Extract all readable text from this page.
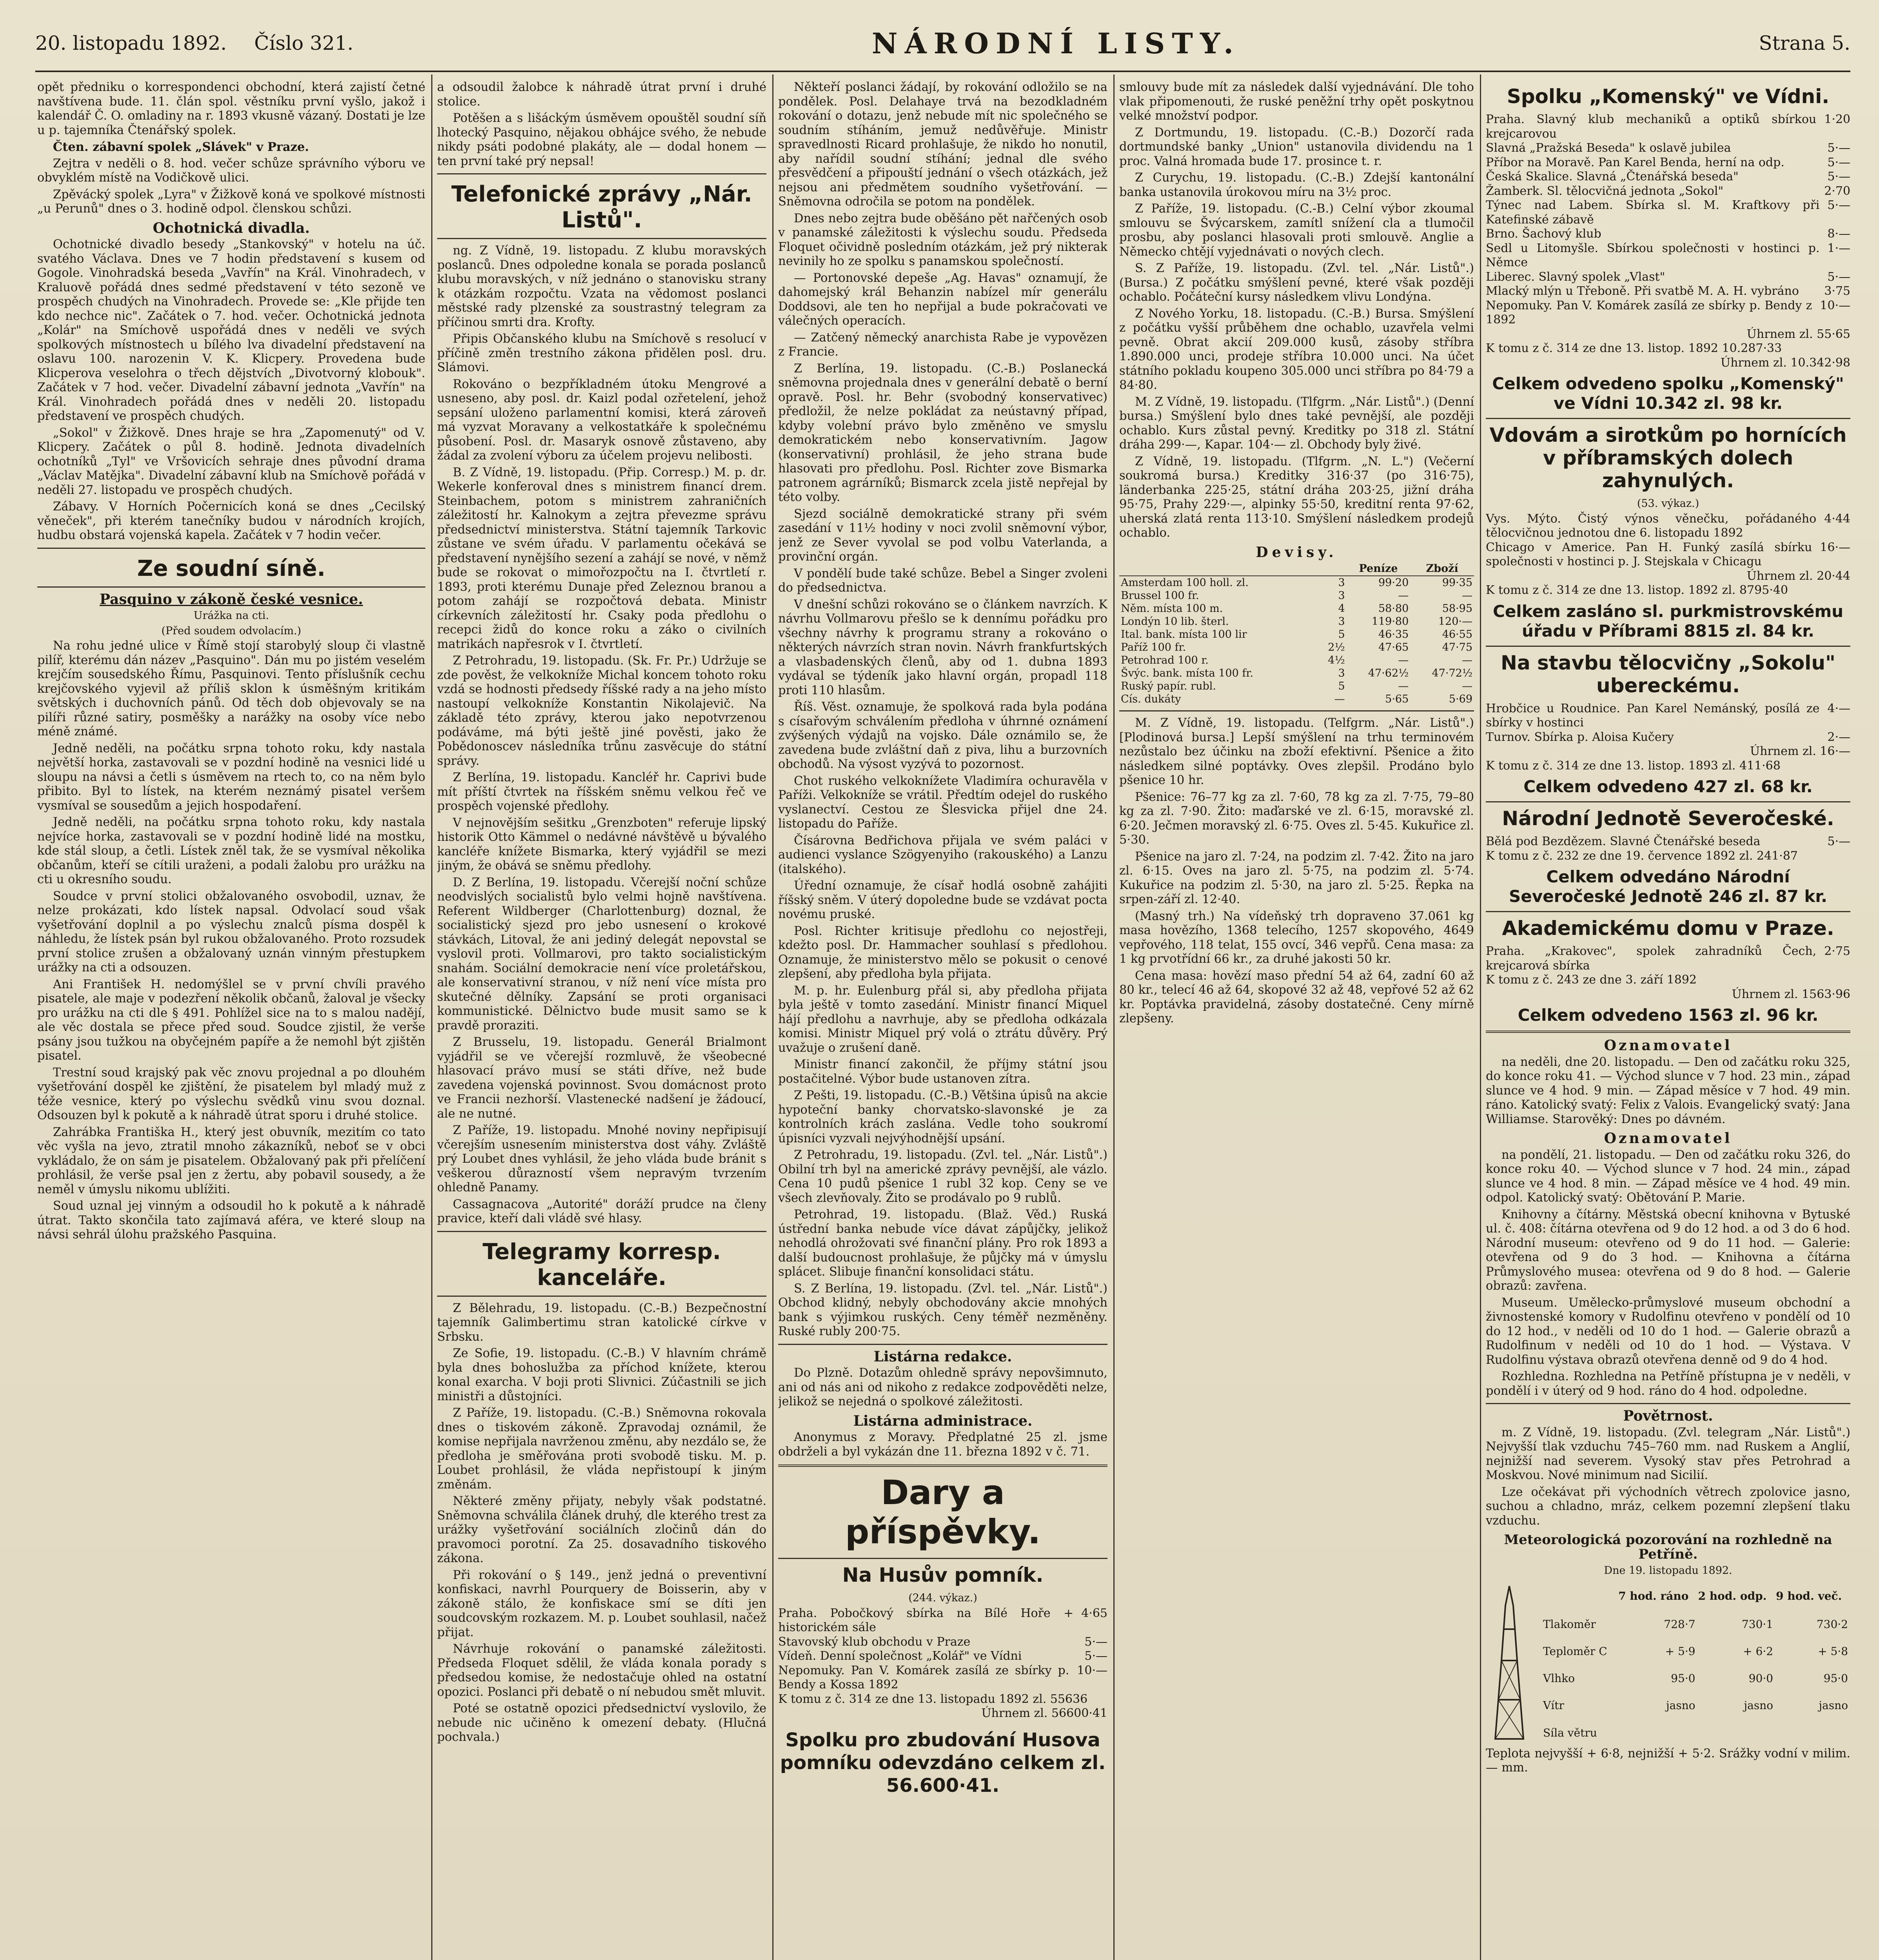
20. listopadu 1892. Číslo 321.	NÁRODNÍ LISTY.	Strana 5.

opět předniku o korrespondenci obchodní, která zajistí četné navštívena bude. 11. člán spol. věstníku první vyšlo, jakož i kalendář Č. O. omladiny na r. 1893 vkusně vázaný. Dostati je lze u p. tajemníka Čtenářský spolek.

Čten. zábavní spolek „Slávek" v Praze.

Zejtra v neděli o 8. hod. večer schůze správního výboru ve obvyklém místě na Vodičkově ulici.

Zpěvácký spolek „Lyra" v Žižkově koná ve spolkové místnosti „u Perunů" dnes o 3. hodině odpol. členskou schůzi.

Ochotnická divadla.

Ochotnické divadlo besedy „Stankovský" v hotelu na úč. svatého Václava. Dnes ve 7 hodin představení s kusem od Gogole. Vinohradská beseda „Vavřín" na Král. Vinohradech, v Kraluově pořádá dnes sedmé představení v této sezoně ve prospěch chudých na Vinohradech. Provede se: „Kle přijde ten kdo nechce nic". Začátek o 7. hod. večer. Ochotnická jednota „Kolár" na Smíchově uspořádá dnes v neděli ve svých spolkových místnostech u bílého lva divadelní představení na oslavu 100. narozenin V. K. Klicpery. Provedena bude Klicperova veselohra o třech dějstvích „Divotvorný klobouk". Začátek v 7 hod. večer. Divadelní zábavní jednota „Vavřín" na Král. Vinohradech pořádá dnes v neděli 20. listopadu představení ve prospěch chudých.

„Sokol" v Žižkově. Dnes hraje se hra „Zapomenutý" od V. Klicpery. Začátek o půl 8. hodině. Jednota divadelních ochotníků „Tyl" ve Vršovicích sehraje dnes původní drama „Václav Matějka". Divadelní zábavní klub na Smíchově pořádá v neděli 27. listopadu ve prospěch chudých.

Zábavy. V Horních Počernicích koná se dnes „Cecilský věneček", při kterém tanečníky budou v národních krojích, hudbu obstará vojenská kapela. Začátek v 7 hodin večer.

Ze soudní síně.
Pasquino v zákoně české vesnice.
Urážka na cti.
(Před soudem odvolacím.)

Na rohu jedné ulice v Římě stojí starobylý sloup či vlastně pilíř, kterému dán název „Pasquino". Dán mu po jistém veselém krejčím sousedského Římu, Pasquinovi. Tento příslušník cechu krejčovského vyjevil až příliš sklon k úsměšným kritikám světských i duchovních pánů. Od těch dob objevovaly se na pilíři různé satiry, posměšky a narážky na osoby více nebo méně známé.

Jedně neděli, na počátku srpna tohoto roku, kdy nastala největší horka, zastavovali se v pozdní hodině na vesnici lidé u sloupu na návsi a četli s úsměvem na rtech to, co na něm bylo přibito. Byl to lístek, na kterém neznámý pisatel veršem vysmíval se sousedům a jejich hospodaření.

Jedně neděli, na počátku srpna tohoto roku, kdy nastala nejvíce horka, zastavovali se v pozdní hodině lidé na mostku, kde stál sloup, a četli. Lístek zněl tak, že se vysmíval několika občanům, kteří se cítili uraženi, a podali žalobu pro urážku na cti u okresního soudu.

Soudce v první stolici obžalovaného osvobodil, uznav, že nelze prokázati, kdo lístek napsal. Odvolací soud však vyšetřování doplnil a po výslechu znalců písma dospěl k náhledu, že lístek psán byl rukou obžalovaného. Proto rozsudek první stolice zrušen a obžalovaný uznán vinným přestupkem urážky na cti a odsouzen.

Ani František H. nedomýšlel se v první chvíli pravého pisatele, ale maje v podezření několik občanů, žaloval je všecky pro urážku na cti dle § 491. Pohlížel sice na to s malou nadějí, ale věc dostala se přece před soud. Soudce zjistil, že verše psány jsou tužkou na obyčejném papíře a že nemohl být zjištěn pisatel.

Trestní soud krajský pak věc znovu projednal a po dlouhém vyšetřování dospěl ke zjištění, že pisatelem byl mladý muž z téže vesnice, který po výslechu svědků vinu svou doznal. Odsouzen byl k pokutě a k náhradě útrat sporu i druhé stolice.

Zahrábka Františka H., který jest obuvník, mezitím co tato věc vyšla na jevo, ztratil mnoho zákazníků, neboť se v obci vykládalo, že on sám je pisatelem. Obžalovaný pak při přelíčení prohlásil, že verše psal jen z žertu, aby pobavil sousedy, a že neměl v úmyslu nikomu ublížiti.

Soud uznal jej vinným a odsoudil ho k pokutě a k náhradě útrat. Takto skončila tato zajímavá aféra, ve které sloup na návsi sehrál úlohu pražského Pasquina.

a odsoudil žalobce k náhradě útrat první i druhé stolice.

Potěšen a s lišáckým úsměvem opouštěl soudní síň lhotecký Pasquino, nějakou obhájce svého, že nebude nikdy psáti podobné plakáty, ale — dodal honem — ten první také prý nepsal!

Telefonické zprávy „Nár. Listů".

ng. Z Vídně, 19. listopadu. Z klubu moravských poslanců. Dnes odpoledne konala se porada poslanců klubu moravských, v níž jednáno o stanovisku strany k otázkám rozpočtu. Vzata na vědomost poslanci městské rady plzenské za soustrastný telegram za příčinou smrti dra. Krofty.

Připis Občanského klubu na Smíchově s resolucí v příčině změn trestního zákona přidělen posl. dru. Slámovi.

Rokováno o bezpříkladném útoku Mengrové a usneseno, aby posl. dr. Kaizl podal ozřetelení, jehož sepsání uloženo parlamentní komisi, která zároveň má vyzvat Moravany a velkostatkáře k společnému působení. Posl. dr. Masaryk osnově zůstaveno, aby žádal za zvolení výboru za účelem projevu nelibosti.

B. Z Vídně, 19. listopadu. (Přip. Corresp.) M. p. dr. Wekerle konferoval dnes s ministrem financí drem. Steinbachem, potom s ministrem zahraničních záležitostí hr. Kalnokym a zejtra převezme správu předsednictví ministerstva. Státní tajemník Tarkovic zůstane ve svém úřadu. V parlamentu očekává se představení nynějšího sezení a zahájí se nové, v němž bude se rokovat o mimořozpočtu na I. čtvrtletí r. 1893, proti kterému Dunaje před Zeleznou branou a potom zahájí se rozpočtová debata. Ministr církevních záležitostí hr. Csaky poda předlohu o recepci židů do konce roku a záko o civilních matrikách napřesrok v I. čtvrtletí.

Z Petrohradu, 19. listopadu. (Sk. Fr. Pr.) Udržuje se zde pověst, že velkokníže Michal koncem tohoto roku vzdá se hodnosti předsedy říšské rady a na jeho místo nastoupí velkokníže Konstantin Nikolajevič. Na základě této zprávy, kterou jako nepotvrzenou podáváme, má býti ještě jiné pověsti, jako že Pobědonoscev následníka trůnu zasvěcuje do státní správy.

Z Berlína, 19. listopadu. Kancléř hr. Caprivi bude mít příští čtvrtek na říšském sněmu velkou řeč ve prospěch vojenské předlohy.

V nejnovějším sešitku „Grenzboten" referuje lipský historik Otto Kämmel o nedávné návštěvě u bývalého kancléře knížete Bismarka, který vyjádřil se mezi jiným, že obává se sněmu předlohy.

D. Z Berlína, 19. listopadu. Včerejší noční schůze neodvislých socialistů bylo velmi hojně navštívena. Referent Wildberger (Charlottenburg) doznal, že socialistický sjezd pro jebo usnesení o krokové stávkách, Litoval, že ani jediný delegát nepovstal se vyslovil proti. Vollmarovi, pro takto socialistickým snahám. Sociální demokracie není více proletářskou, ale konservativní stranou, v níž není více místa pro skutečné dělníky. Zapsání se proti organisaci kommunistické. Dělnictvo bude musit samo se k pravdě proraziti.

Z Brusselu, 19. listopadu. Generál Brialmont vyjádřil se ve včerejší rozmluvě, že všeobecné hlasovací právo musí se státi dříve, než bude zavedena vojenská povinnost. Svou domácnost proto ve Francii nezhorší. Vlastenecké nadšení je žádoucí, ale ne nutné.

Z Paříže, 19. listopadu. Mnohé noviny nepřipisují včerejším usnesením ministerstva dost váhy. Zvláště prý Loubet dnes vyhlásil, že jeho vláda bude bránit s veškerou důrazností všem nepravým tvrzením ohledně Panamy.

Cassagnacova „Autorité" doráží prudce na členy pravice, kteří dali vládě své hlasy.

Telegramy korresp. kanceláře.

Z Bělehradu, 19. listopadu. (C.-B.) Bezpečnostní tajemník Galimbertimu stran katolické církve v Srbsku.

Ze Sofie, 19. listopadu. (C.-B.) V hlavním chrámě byla dnes bohoslužba za příchod knížete, kterou konal exarcha. V boji proti Slivnici. Zúčastnili se jich ministři a důstojníci.

Z Paříže, 19. listopadu. (C.-B.) Sněmovna rokovala dnes o tiskovém zákoně. Zpravodaj oznámil, že komise nepřijala navrženou změnu, aby nezdálo se, že předloha je směřována proti svobodě tisku. M. p. Loubet prohlásil, že vláda nepřistoupí k jiným změnám.

Některé změny přijaty, nebyly však podstatné. Sněmovna schválila článek druhý, dle kterého trest za urážky vyšetřování sociálních zločinů dán do pravomoci porotní. Za 25. dosavadního tiskového zákona.

Při rokování o § 149., jenž jedná o preventivní konfiskaci, navrhl Pourquery de Boisserin, aby v zákoně stálo, že konfiskace smí se díti jen soudcovským rozkazem. M. p. Loubet souhlasil, načež přijat.

Návrhuje rokování o panamské záležitosti. Předseda Floquet sdělil, že vláda konala porady s předsedou komise, že nedostačuje ohled na ostatní opozici. Poslanci při debatě o ní nebudou smět mluvit.

Poté se ostatně opozici předsednictví vyslovilo, že nebude nic učiněno k omezení debaty. (Hlučná pochvala.)

Někteří poslanci žádají, by rokování odložilo se na pondělek. Posl. Delahaye trvá na bezodkladném rokování o dotazu, jenž nebude mít nic společného se soudním stíháním, jemuž nedůvěřuje. Ministr spravedlnosti Ricard prohlašuje, že nikdo ho nonutil, aby nařídil soudní stíhání; jednal dle svého přesvědčení a připouští jednání o všech otázkách, jež nejsou ani předmětem soudního vyšetřování. — Sněmovna odročila se potom na pondělek.

Dnes nebo zejtra bude oběšáno pět nařčených osob v panamské záležitosti k výslechu soudu. Předseda Floquet očividně posledním otázkám, jež prý nikterak nevinily ho ze spolku s panamskou společností.

— Portonovské depeše „Ag. Havas" oznamují, že dahomejský král Behanzin nabízel mír generálu Doddsovi, ale ten ho nepřijal a bude pokračovati ve válečných operacích.

— Zatčený německý anarchista Rabe je vypovězen z Francie.

Z Berlína, 19. listopadu. (C.-B.) Poslanecká sněmovna projednala dnes v generální debatě o berní opravě. Posl. hr. Behr (svobodný konservativec) předložil, že nelze pokládat za neústavný případ, kdyby volební právo bylo změněno ve smyslu demokratickém nebo konservativním. Jagow (konservativní) prohlásil, že jeho strana bude hlasovati pro předlohu. Posl. Richter zove Bismarka patronem agrárníků; Bismarck zcela jistě nepřejal by této volby.

Sjezd sociálně demokratické strany při svém zasedání v 11½ hodiny v noci zvolil sněmovní výbor, jenž ze Sever vyvolal se pod volbu Vaterlanda, a provinční orgán.

V pondělí bude také schůze. Bebel a Singer zvoleni do předsednictva.

V dnešní schůzi rokováno se o článkem navrzích. K návrhu Vollmarovu přešlo se k dennímu pořádku pro všechny návrhy k programu strany a rokováno o některých návrzích stran novin. Návrh frankfurtských a vlasbadenských členů, aby od 1. dubna 1893 vydával se týdeník jako hlavní orgán, propadl 118 proti 110 hlasům.

Říš. Věst. oznamuje, že spolková rada byla podána s císařovým schválením předloha v úhrnné oznámení zvýšených výdajů na vojsko. Dále oznámilo se, že zavedena bude zvláštní daň z piva, lihu a burzovních obchodů. Na výsost vyzývá to pozornost.

Chot ruského velkoknížete Vladimíra ochuravěla v Paříži. Velkokníže se vrátil. Předtím odejel do ruského vyslanectví. Cestou ze Šlesvicka přijel dne 24. listopadu do Paříže.

Čísárovna Bedřichova přijala ve svém paláci v audienci vyslance Szögyenyiho (rakouského) a Lanzu (italského).

Úřední oznamuje, že císař hodlá osobně zahájiti říšský sněm. V úterý dopoledne bude se vzdávat pocta novému pruské.

Posl. Richter kritisuje předlohu co nejostřeji, kdežto posl. Dr. Hammacher souhlasí s předlohou. Oznamuje, že ministerstvo mělo se pokusit o cenové zlepšení, aby předloha byla přijata.

M. p. hr. Eulenburg přál si, aby předloha přijata byla ještě v tomto zasedání. Ministr financí Miquel hájí předlohu a navrhuje, aby se předloha odkázala komisi. Ministr Miquel prý volá o ztrátu důvěry. Prý uvažuje o zrušení daně.

Ministr financí zakončil, že příjmy státní jsou postačitelné. Výbor bude ustanoven zítra.

Z Pešti, 19. listopadu. (C.-B.) Většina úpisů na akcie hypoteční banky chorvatsko-slavonské je za kontrolních krách zaslána. Vedle toho soukromí úpisníci vyzvali nejvýhodnější upsání.

Z Petrohradu, 19. listopadu. (Zvl. tel. „Nár. Listů".) Obilní trh byl na americké zprávy pevnější, ale vázlo. Cena 10 pudů pšenice 1 rubl 32 kop. Ceny se ve všech zlevňovaly. Žito se prodávalo po 9 rublů.

Petrohrad, 19. listopadu. (Blaž. Věd.) Ruská ústřední banka nebude více dávat zápůjčky, jelikož nehodlá ohrožovati své finanční plány. Pro rok 1893 a další budoucnost prohlašuje, že půjčky má v úmyslu splácet. Slibuje finanční konsolidaci státu.

S. Z Berlína, 19. listopadu. (Zvl. tel. „Nár. Listů".) Obchod klidný, nebyly obchodovány akcie mnohých bank s výjimkou ruských. Ceny téměř nezměněny. Ruské rubly 200·75.

Listárna redakce.

Do Plzně. Dotazům ohledně správy nepovšimnuto, ani od nás ani od nikoho z redakce zodpověděti nelze, jelikož se nejedná o spolkové záležitosti.

Listárna administrace.

Anonymus z Moravy. Předplatné 25 zl. jsme obdrželi a byl vykázán dne 11. března 1892 v č. 71.

Dary a příspěvky.
Na Husův pomník.
(244. výkaz.)
Praha. Pobočkový sbírka na Bílé Hoře + historickém sále
4·65
Stavovský klub obchodu v Praze	5·—
Vídeň. Denní společnost „Kolář" ve Vídni	5·—
Nepomuky. Pan V. Komárek zasílá ze sbírky p. Bendy a Kossa 1892
10·—
K tomu z č. 314 ze dne 13. listopadu 1892 zl. 55636
Úhrnem zl. 56600·41
Spolku pro zbudování Husova pomníku odevzdáno celkem zl. 56.600·41.

smlouvy bude mít za následek další vyjednávání. Dle toho vlak připomenouti, že ruské peněžní trhy opět poskytnou velké množství podpor.

Z Dortmundu, 19. listopadu. (C.-B.) Dozorčí rada dortmundské banky „Union" ustanovila dividendu na 1 proc. Valná hromada bude 17. prosince t. r.

Z Curychu, 19. listopadu. (C.-B.) Zdejší kantonální banka ustanovila úrokovou míru na 3½ proc.

Z Paříže, 19. listopadu. (C.-B.) Celní výbor zkoumal smlouvu se Švýcarskem, zamítl snížení cla a tlumočil prosbu, aby poslanci hlasovali proti smlouvě. Anglie a Německo chtějí vyjednávati o nových clech.

S. Z Paříže, 19. listopadu. (Zvl. tel. „Nár. Listů".) (Bursa.) Z počátku smýšlení pevné, které však později ochablo. Počáteční kursy následkem vlivu Londýna.

Z Nového Yorku, 18. listopadu. (C.-B.) Bursa. Smýšlení z počátku vyšší průběhem dne ochablo, uzavřela velmi pevně. Obrat akcií 209.000 kusů, zásoby stříbra 1.890.000 unci, prodeje stříbra 10.000 unci. Na účet státního pokladu koupeno 305.000 unci stříbra po 84·79 a 84·80.

M. Z Vídně, 19. listopadu. (Tlfgrm. „Nár. Listů".) (Denní bursa.) Smýšlení bylo dnes také pevnější, ale později ochablo. Kurs zůstal pevný. Kreditky po 318 zl. Státní dráha 299·—, Kapar. 104·— zl. Obchody byly živé.

Z Vídně, 19. listopadu. (Tlfgrm. „N. L.") (Večerní soukromá bursa.) Kreditky 316·37 (po 316·75), länderbanka 225·25, státní dráha 203·25, jižní dráha 95·75, Prahy 229·—, alpinky 55·50, kreditní renta 97·62, uherská zlatá renta 113·10. Smýšlení následkem prodejů ochablo.

Devisy.
		Peníze	Zboží
Amsterdam 100 holl. zl.	3	99·20	99·35
Brussel 100 fr.	3	—	—
Něm. místa 100 m.	4	58·80	58·95
Londýn 10 lib. šterl.	3	119·80	120·—
Ital. bank. místa 100 lir	5	46·35	46·55
Paříž 100 fr.	2½	47·65	47·75
Petrohrad 100 r.	4½	—	—
Švýc. bank. místa 100 fr.	3	47·62½	47·72½
Ruský papír. rubl.	5	—	—
Cís. dukáty	—	5·65	5·69

M. Z Vídně, 19. listopadu. (Telfgrm. „Nár. Listů".) [Plodinová bursa.] Lepší smýšlení na trhu terminovém nezůstalo bez účinku na zboží efektivní. Pšenice a žito následkem silné poptávky. Oves zlepšil. Prodáno bylo pšenice 10 hr.

Pšenice: 76–77 kg za zl. 7·60, 78 kg za zl. 7·75, 79–80 kg za zl. 7·90. Žito: maďarské ve zl. 6·15, moravské zl. 6·20. Ječmen moravský zl. 6·75. Oves zl. 5·45. Kukuřice zl. 5·30.

Pšenice na jaro zl. 7·24, na podzim zl. 7·42. Žito na jaro zl. 6·15. Oves na jaro zl. 5·75, na podzim zl. 5·74. Kukuřice na podzim zl. 5·30, na jaro zl. 5·25. Řepka na srpen-září zl. 12·40.

(Masný trh.) Na vídeňský trh dopraveno 37.061 kg masa hovězího, 1368 telecího, 1257 skopového, 4649 vepřového, 118 telat, 155 ovcí, 346 vepřů. Cena masa: za 1 kg prvotřídní 66 kr., za druhé jakosti 50 kr.

Cena masa: hovězí maso přední 54 až 64, zadní 60 až 80 kr., telecí 46 až 64, skopové 32 až 48, vepřové 52 až 62 kr. Poptávka pravidelná, zásoby dostatečné. Ceny mírně zlepšeny.

Spolku „Komenský" ve Vídni.
Praha. Slavný klub mechaniků a optiků sbírkou krejcarovou
1·20
Slavná „Pražská Beseda" k oslavě jubilea	5·—
Příbor na Moravě. Pan Karel Benda, herní na odp.	5·—
Česká Skalice. Slavná „Čtenářská beseda"	5·—
Žamberk. Sl. tělocvičná jednota „Sokol"	2·70
Týnec nad Labem. Sbírka sl. M. Kraftkovy při Katefinské zábavě
5·—
Brno. Šachový klub	8·—
Sedl u Litomyšle. Sbírkou společnosti v hostinci p. Němce
1·—
Liberec. Slavný spolek „Vlast"	5·—
Mlacký mlýn u Třeboně. Při svatbě M. A. H. vybráno	3·75
Nepomuky. Pan V. Komárek zasílá ze sbírky p. Bendy z 1892
10·—
Úhrnem zl. 55·65
K tomu z č. 314 ze dne 13. listop. 1892 10.287·33
Úhrnem zl. 10.342·98
Celkem odvedeno spolku „Komenský" ve Vídni 10.342 zl. 98 kr.
Vdovám a sirotkům po hornících v příbramských dolech zahynulých.
(53. výkaz.)
Vys. Mýto. Čistý výnos věnečku, pořádaného tělocvičnou jednotou dne 6. listopadu 1892
4·44
Chicago v Americe. Pan H. Funký zasílá sbírku společnosti v hostinci p. J. Stejskala v Chicagu
16·—
Úhrnem zl. 20·44
K tomu z č. 314 ze dne 13. listop. 1892 zl. 8795·40
Celkem zasláno sl. purkmistrovskému úřadu v Příbrami 8815 zl. 84 kr.
Na stavbu tělocvičny „Sokolu" ubereckému.
Hrobčice u Roudnice. Pan Karel Nemánský, posílá ze sbírky v hostinci
4·—
Turnov. Sbírka p. Aloisa Kučery	2·—
Úhrnem zl. 16·—
K tomu z č. 314 ze dne 13. listop. 1893 zl. 411·68
Celkem odvedeno 427 zl. 68 kr.
Národní Jednotě Severočeské.
Bělá pod Bezdězem. Slavné Čtenářské beseda	5·—
K tomu z č. 232 ze dne 19. července 1892 zl. 241·87
Celkem odvedáno Národní Severočeské Jednotě 246 zl. 87 kr.
Akademickému domu v Praze.
Praha. „Krakovec", spolek zahradníků Čech, krejcarová sbírka
2·75
K tomu z č. 243 ze dne 3. září 1892
Úhrnem zl. 1563·96
Celkem odvedeno 1563 zl. 96 kr.
Oznamovatel

na neděli, dne 20. listopadu. — Den od začátku roku 325, do konce roku 41. — Východ slunce v 7 hod. 23 min., západ slunce ve 4 hod. 9 min. — Západ měsíce v 7 hod. 49 min. ráno. Katolický svatý: Felix z Valois. Evangelický svatý: Jana Williamse. Starověký: Dnes po dávném.

Oznamovatel

na pondělí, 21. listopadu. — Den od začátku roku 326, do konce roku 40. — Východ slunce v 7 hod. 24 min., západ slunce ve 4 hod. 8 min. — Západ měsíce ve 4 hod. 49 min. odpol. Katolický svatý: Obětování P. Marie.

Knihovny a čítárny. Městská obecní knihovna v Bytuské ul. č. 408: čítárna otevřena od 9 do 12 hod. a od 3 do 6 hod. Národní museum: otevřeno od 9 do 11 hod. — Galerie: otevřena od 9 do 3 hod. — Knihovna a čítárna Průmyslového musea: otevřena od 9 do 8 hod. — Galerie obrazů: zavřena.

Museum. Umělecko-průmyslové museum obchodní a živnostenské komory v Rudolfinu otevřeno v pondělí od 10 do 12 hod., v neděli od 10 do 1 hod. — Galerie obrazů a Rudolfinum v neděli od 10 do 1 hod. — Výstava. V Rudolfinu výstava obrazů otevřena denně od 9 do 4 hod.

Rozhledna. Rozhledna na Petříně přístupna je v neděli, v pondělí i v úterý od 9 hod. ráno do 4 hod. odpoledne.

Povětrnost.

m. Z Vídně, 19. listopadu. (Zvl. telegram „Nár. Listů".) Nejvyšší tlak vzduchu 745–760 mm. nad Ruskem a Anglií, nejnižší nad severem. Vysoký stav přes Petrohrad a Moskvou. Nové minimum nad Sicilií.

Lze očekávat při východních větrech zpolovice jasno, suchou a chladno, mráz, celkem pozemní zlepšení tlaku vzduchu.

Meteorologická pozorování na rozhledně na Petříně.
Dne 19. listopadu 1892.
	7 hod. ráno	2 hod. odp.	9 hod. več.
Tlakoměr	728·7	730·1	730·2
Teploměr C	+ 5·9	+ 6·2	+ 5·8
Vlhko	95·0	90·0	95·0
Vítr	jasno	jasno	jasno
Síla větru			

Teplota nejvyšší + 6·8, nejnižší + 5·2. Srážky vodní v milim. — mm.
